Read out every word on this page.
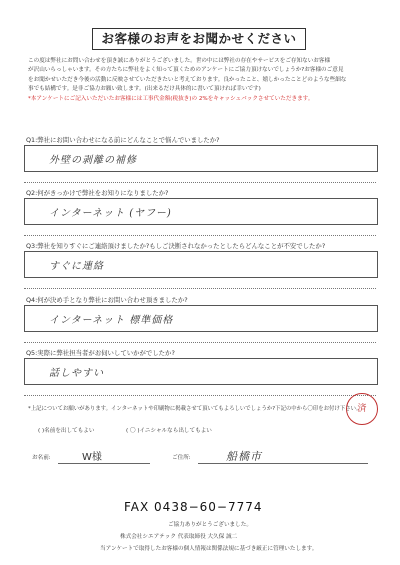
お客様のお声をお聞かせください
この度は弊社にお問い合わせを頂き誠にありがとうございました。世の中には弊社の存在やサービスをご存知ないお客様
が沢山いらっしゃいます。その方たちに弊社をよく知って頂くためのアンケートにご協力頂けないでしょうか?お客様のご意見
をお聞かせいただき今後の活動に反映させていただきたいと考えております。良かったこと、嬉しかったことどのような些細な
事でも結構です。是非ご協力お願い致します。(出来るだけ具体的に書いて頂ければ幸いです)
*本アンケートにご記入いただいたお客様には工事代金額(税抜き)の 2%をキャッシュバックさせていただきます。
Q1:弊社にお問い合わせになる前にどんなことで悩んでいましたか?
外壁の剥離の補修
Q2:何がきっかけで弊社をお知りになりましたか?
インターネット (ヤフー)
Q3:弊社を知りすぐにご連絡頂けましたか?もしご決断されなかったとしたらどんなことが不安でしたか?
すぐに連絡
Q4:何が決め手となり弊社にお問い合わせ頂きましたか?
インターネット 標準価格
Q5:実際に弊社担当者がお伺いしていかがでしたか?
話しやすい
*上記についてお願いがあります。インターネットや印刷物に掲載させて頂いてもよろしいでしょうか?下記の中から〇印をお付け下さい。
済
( )名前を出してもよい	( 〇 )イニシャルなら出してもよい
お名前:	W様	ご住所:	船橋市
FAX 0438−60−7774
ご協力ありがとうございました。
株式会社シエアテック 代表取締役 大久保 誠二
当アンケートで取得したお客様の個人情報は関係法規に基づき厳正に管理いたします。
